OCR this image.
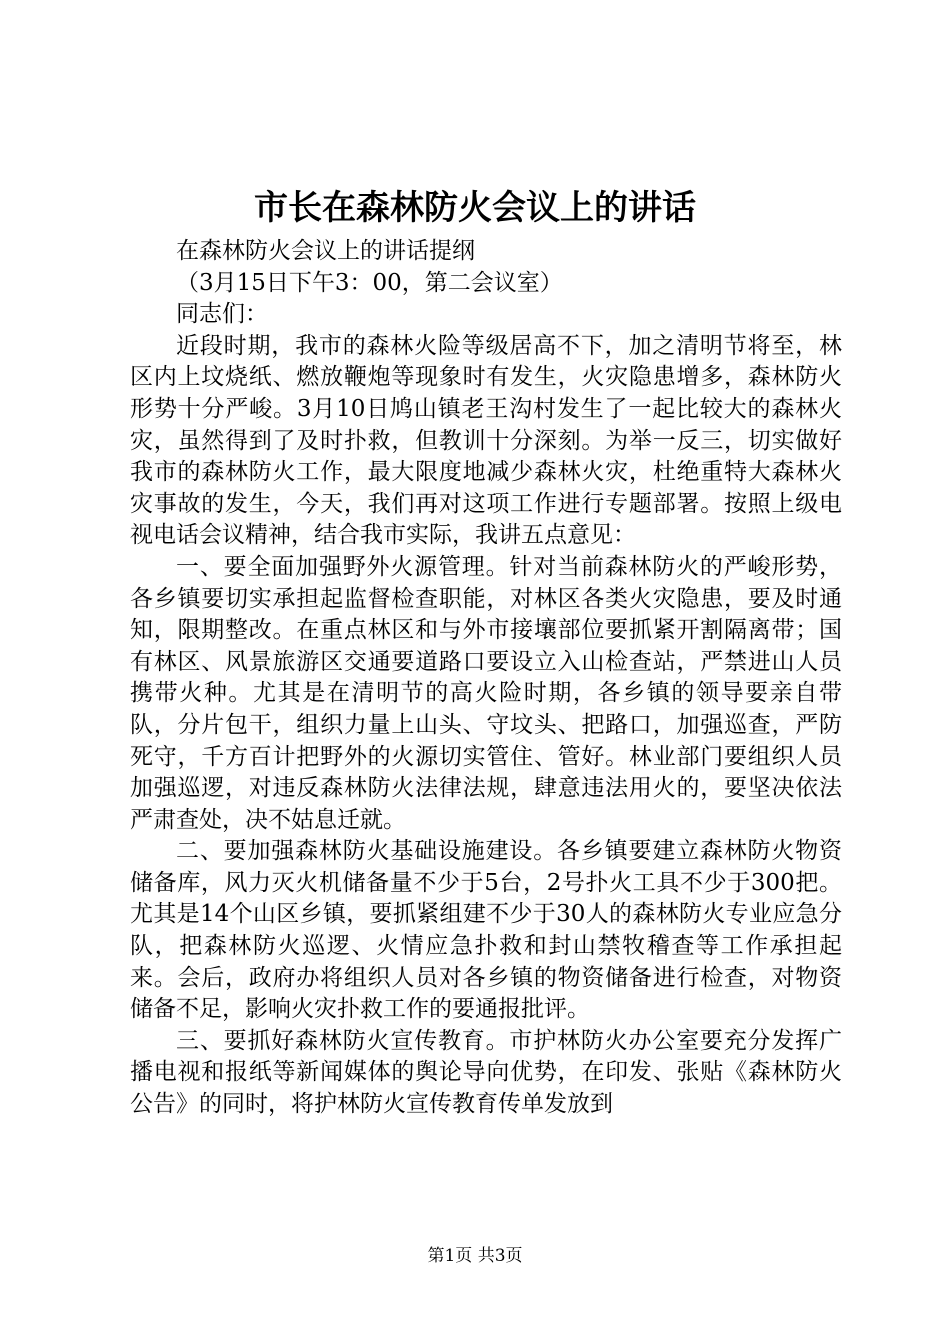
市长在森林防火会议上的讲话

在森林防火会议上的讲话提纲

（3月15日下午3：00，第二会议室）

同志们：

近段时期，我市的森林火险等级居高不下，加之清明节将至，林区内上坟烧纸、燃放鞭炮等现象时有发生，火灾隐患增多，森林防火形势十分严峻。3月10日鸠山镇老王沟村发生了一起比较大的森林火灾，虽然得到了及时扑救，但教训十分深刻。为举一反三，切实做好我市的森林防火工作，最大限度地减少森林火灾，杜绝重特大森林火灾事故的发生，今天，我们再对这项工作进行专题部署。按照上级电视电话会议精神，结合我市实际，我讲五点意见：

一、要全面加强野外火源管理。针对当前森林防火的严峻形势，各乡镇要切实承担起监督检查职能，对林区各类火灾隐患，要及时通知，限期整改。在重点林区和与外市接壤部位要抓紧开割隔离带；国有林区、风景旅游区交通要道路口要设立入山检查站，严禁进山人员携带火种。尤其是在清明节的高火险时期，各乡镇的领导要亲自带队，分片包干，组织力量上山头、守坟头、把路口，加强巡查，严防死守，千方百计把野外的火源切实管住、管好。林业部门要组织人员加强巡逻，对违反森林防火法律法规，肆意违法用火的，要坚决依法严肃查处，决不姑息迁就。

二、要加强森林防火基础设施建设。各乡镇要建立森林防火物资储备库，风力灭火机储备量不少于5台，2号扑火工具不少于300把。尤其是14个山区乡镇，要抓紧组建不少于30人的森林防火专业应急分队，把森林防火巡逻、火情应急扑救和封山禁牧稽查等工作承担起来。会后，政府办将组织人员对各乡镇的物资储备进行检查，对物资储备不足，影响火灾扑救工作的要通报批评。

三、要抓好森林防火宣传教育。市护林防火办公室要充分发挥广播电视和报纸等新闻媒体的舆论导向优势，在印发、张贴《森林防火公告》的同时，将护林防火宣传教育传单发放到

第1页 共3页
